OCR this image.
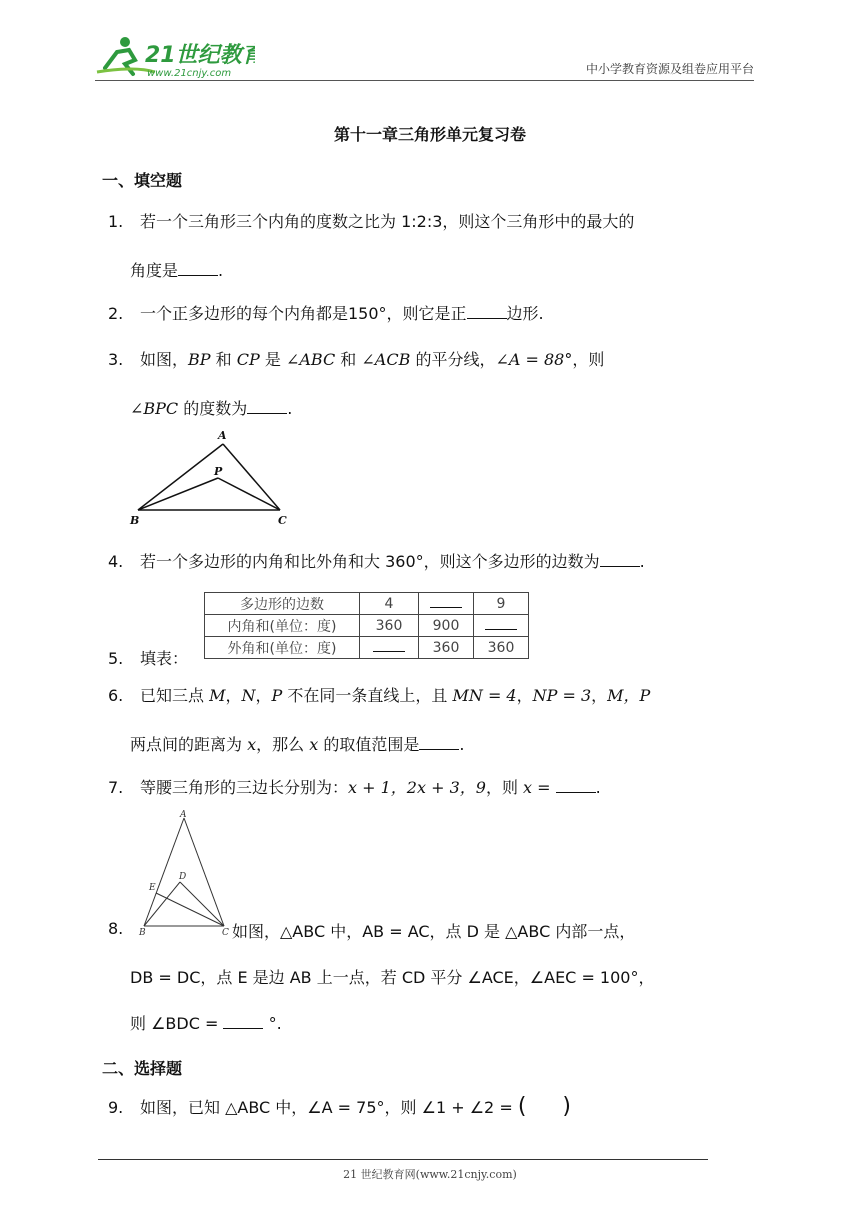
21世纪教育
www.21cnjy.com	中小学教育资源及组卷应用平台
第十一章三角形单元复习卷
一、填空题
1. 若一个三角形三个内角的度数之比为 1:2:3，则这个三角形中的最大的
角度是	.
2. 一个正多边形的每个内角都是150°，则它是正	边形.
3. 如图，BP 和 CP 是 ∠ABC 和 ∠ACB 的平分线，∠A = 88°，则
∠BPC 的度数为	.
A
P
B	C
4. 若一个多边形的内角和比外角和大 360°，则这个多边形的边数为	.
多边形的边数	4		9
内角和(单位：度)	360	900	
外角和(单位：度)		360	360
5. 填表：
6. 已知三点 M，N，P 不在同一条直线上，且 MN = 4，NP = 3，M，P
两点间的距离为 x，那么 x 的取值范围是	.
7. 等腰三角形的三边长分别为：x + 1，2x + 3，9，则 x =	.
A
D
E
B	C
8.	如图，△ABC 中，AB = AC，点 D 是 △ABC 内部一点，
DB = DC，点 E 是边 AB 上一点，若 CD 平分 ∠ACE，∠AEC = 100°，
则 ∠BDC =	°.
二、选择题
9. 如图，已知 △ABC 中，∠A = 75°，则 ∠1 + ∠2 = ( )
21 世纪教育网(www.21cnjy.com)
